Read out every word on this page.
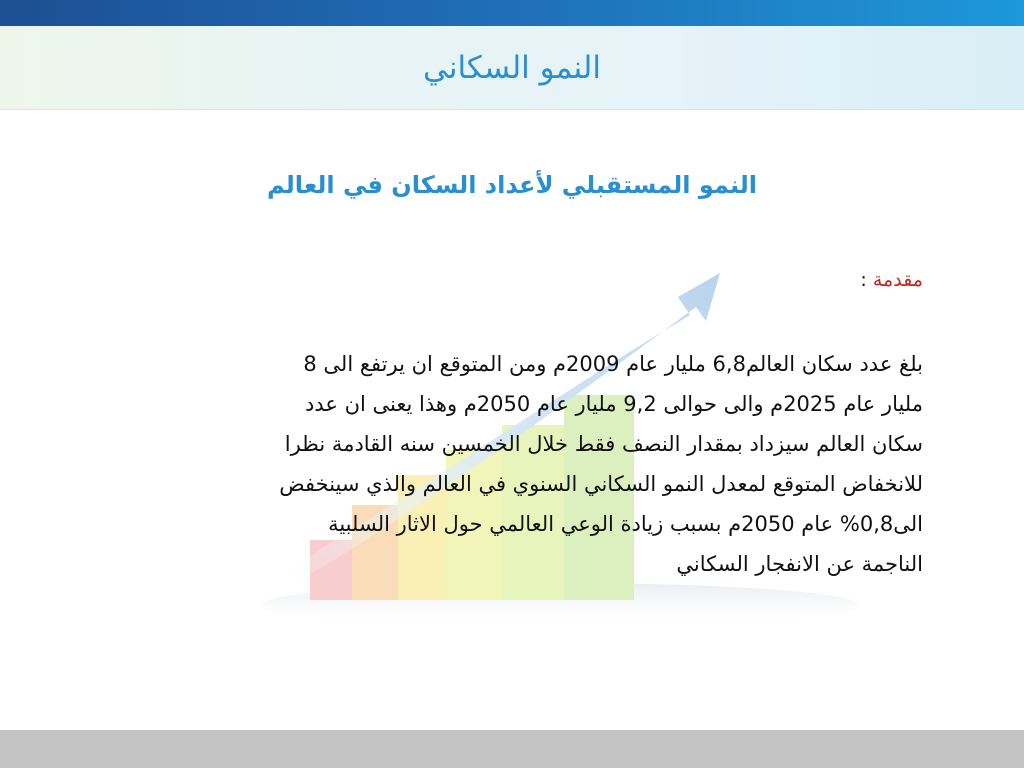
النمو السكاني
النمو المستقبلي لأعداد السكان في العالم
مقدمة :

بلغ عدد سكان العالم6,8 مليار عام 2009م ومن المتوقع ان يرتفع الى 8

مليار عام 2025م والى حوالى 9,2 مليار عام 2050م وهذا يعنى ان عدد

سكان العالم سيزداد بمقدار النصف فقط خلال الخمسين سنه القادمة نظرا

للانخفاض المتوقع لمعدل النمو السكاني السنوي في العالم والذي سينخفض

الى0,8% عام 2050م بسبب زيادة الوعي العالمي حول الاثار السلبية

الناجمة عن الانفجار السكاني
